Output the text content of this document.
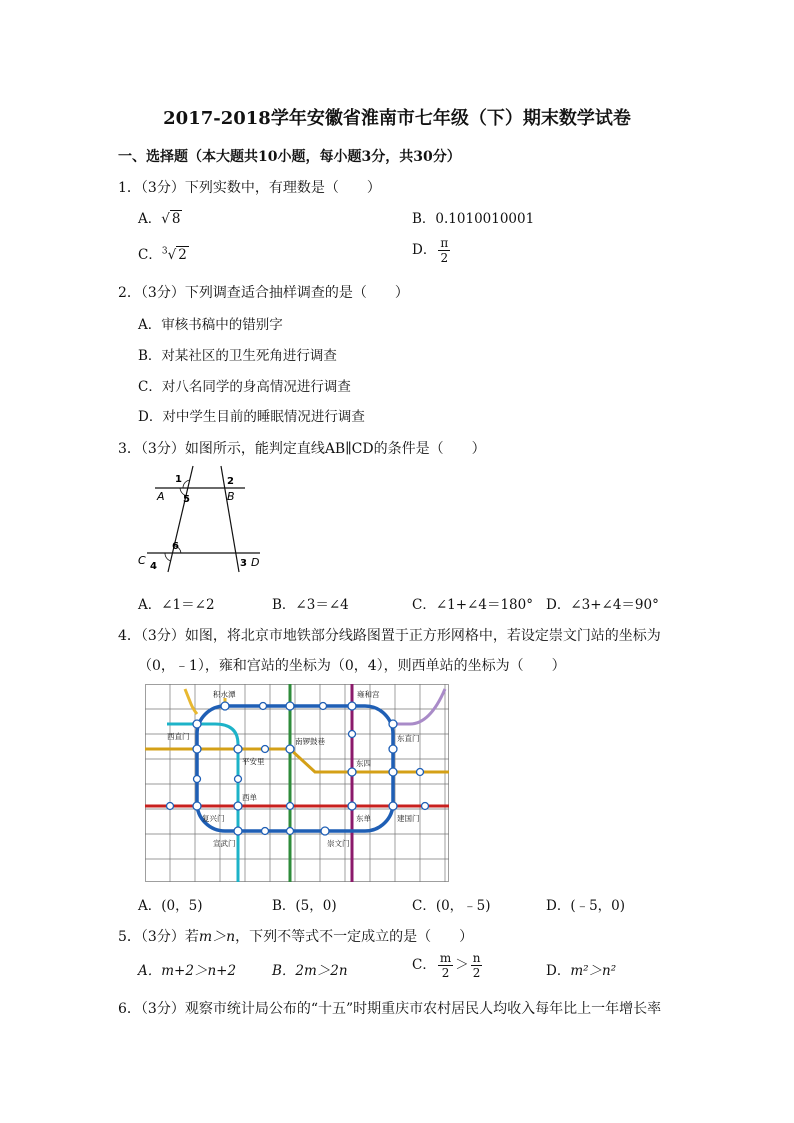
2017-2018学年安徽省淮南市七年级（下）期末数学试卷
一、选择题（本大题共10小题，每小题3分，共30分）
1．（3分）下列实数中，有理数是（　　）
A．√ 8	B．0.1010010001
C．$^3$√ 2	D． $\frac{\pi}{2}$
2．（3分）下列调查适合抽样调查的是（　　）
A．审核书稿中的错别字
B．对某社区的卫生死角进行调查
C．对八名同学的身高情况进行调查
D．对中学生目前的睡眠情况进行调查
3．（3分）如图所示，能判定直线AB∥CD的条件是（　　）
1	2
A 5	B
6
C 4	3 D
A．∠1＝∠2	B．∠3＝∠4	C．∠1+∠4＝180° D．∠3+∠4＝90°
4．（3分）如图，将北京市地铁部分线路图置于正方形网格中，若设定崇文门站的坐标为
（0，﹣1），雍和宫站的坐标为（0，4），则西单站的坐标为（　　）
积水潭	雍和宫
西直门
南锣鼓巷	东直门
平安里	东四
西单
复兴门	东单	建国门
宣武门	崇文门
A．(0，5)	B．(5，0)	C．(0，﹣5)	D．(﹣5，0)
5．（3分）若m＞n，下列不等式不一定成立的是（　　）
A．m+2＞n+2	B．2m＞2n	C． $\frac{m}{2} > \frac{n}{2}$	D．m²＞n²
6．（3分）观察市统计局公布的“十五”时期重庆市农村居民人均收入每年比上一年增长率
